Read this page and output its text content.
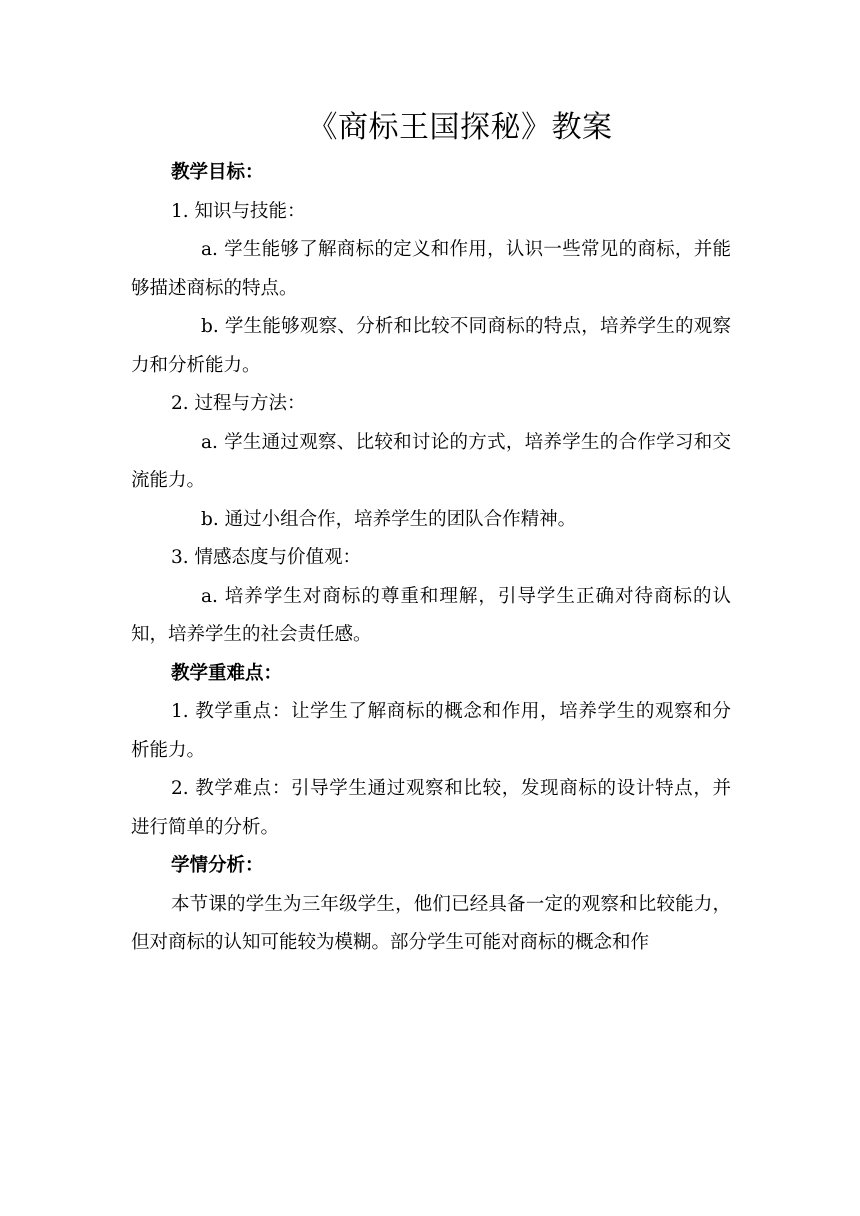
《商标王国探秘》教案

教学目标：

1. 知识与技能：

a. 学生能够了解商标的定义和作用，认识一些常见的商标，并能够描述商标的特点。

b. 学生能够观察、分析和比较不同商标的特点，培养学生的观察力和分析能力。

2. 过程与方法：

a. 学生通过观察、比较和讨论的方式，培养学生的合作学习和交流能力。

b. 通过小组合作，培养学生的团队合作精神。

3. 情感态度与价值观：

a. 培养学生对商标的尊重和理解，引导学生正确对待商标的认知，培养学生的社会责任感。

教学重难点：

1. 教学重点：让学生了解商标的概念和作用，培养学生的观察和分析能力。

2. 教学难点：引导学生通过观察和比较，发现商标的设计特点，并进行简单的分析。

学情分析：

本节课的学生为三年级学生，他们已经具备一定的观察和比较能力，但对商标的认知可能较为模糊。部分学生可能对商标的概念和作
